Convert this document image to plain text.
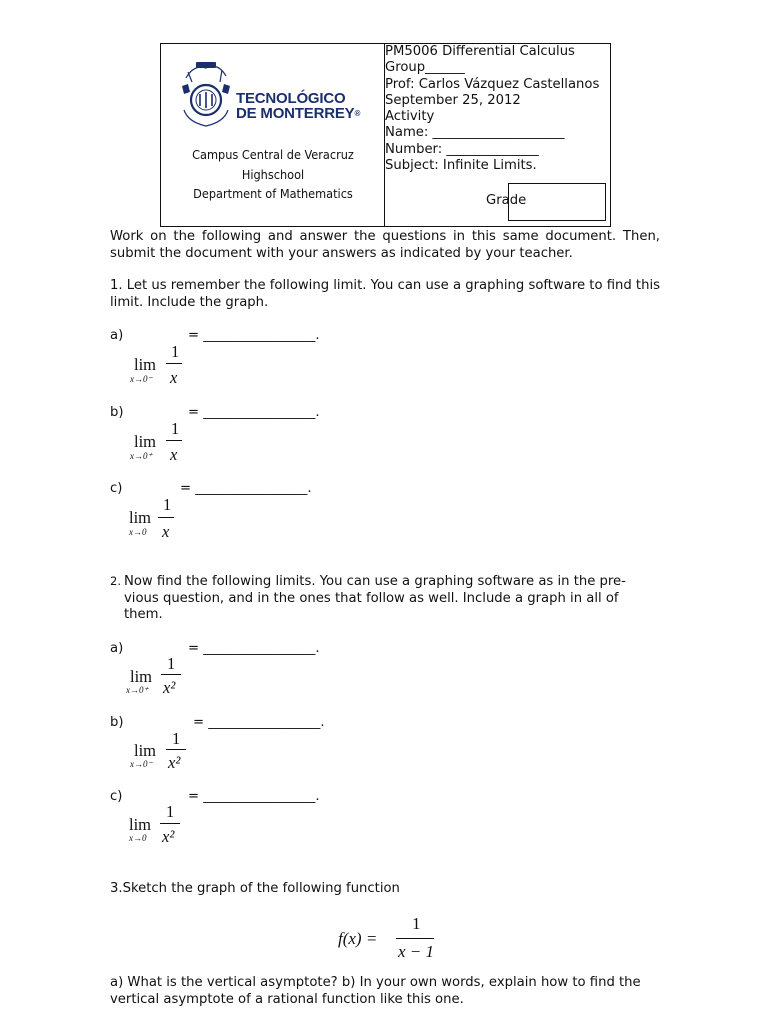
TECNOLÓGICO
DE MONTERREY®
Campus Central de Veracruz
Highschool
Department of Mathematics
PM5006 Differential Calculus
Group______
Prof: Carlos Vázquez Castellanos
September 25, 2012
Activity
Name: ____________________
Number: ______________
Subject: Infinite Limits.
Grade
Work on the following and answer the questions in this same document. Then, submit the document with your answers as indicated by your teacher.
1. Let us remember the following limit. You can use a graphing software to find this limit. Include the graph.
a)	= _________________.
lim
x→0⁻
1
x
b)	= _________________.
lim
x→0⁺
1
x
c)	= _________________.
lim
x→0
1
x
2. Now find the following limits. You can use a graphing software as in the pre-vious question, and in the ones that follow as well. Include a graph in all of them.
a)	= _________________.
lim
x→0⁺
1
x²
b)	= _________________.
lim
x→0⁻
1
x²
c)	= _________________.
lim
x→0
1
x²
3.Sketch the graph of the following function
f(x) =
1
x − 1
a) What is the vertical asymptote? b) In your own words, explain how to find the vertical asymptote of a rational function like this one.
